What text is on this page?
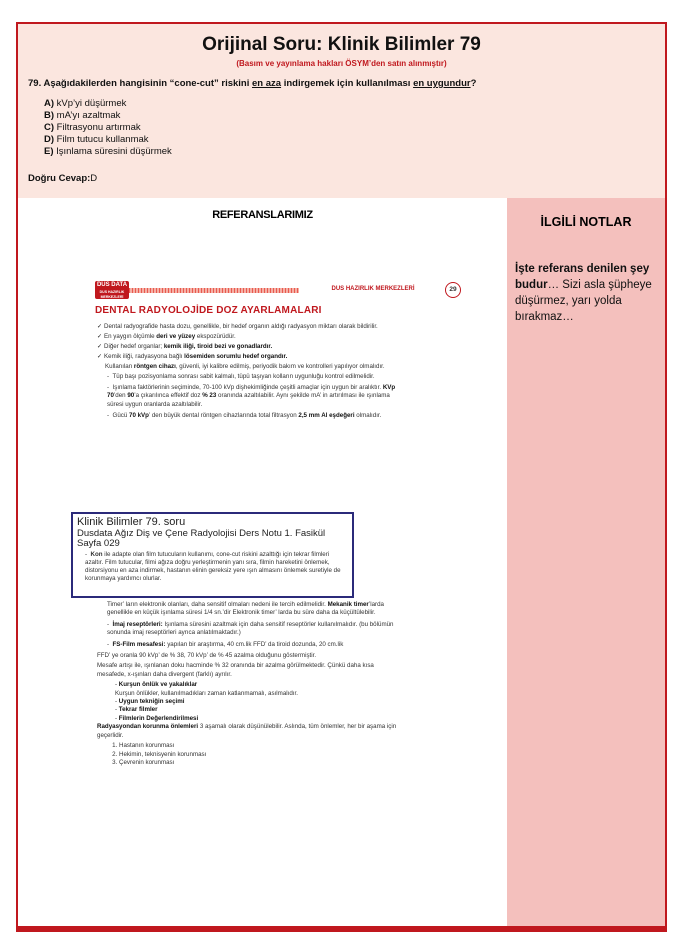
Orijinal Soru: Klinik Bilimler 79
(Basım ve yayınlama hakları ÖSYM’den satın alınmıştır)
79. Aşağıdakilerden hangisinin “cone-cut” riskini en aza indirgemek için kullanılması en uygundur?
A) kVp’yi düşürmek
B) mA’yı azaltmak
C) Filtrasyonu artırmak
D) Film tutucu kullanmak
E) Işınlama süresini düşürmek
Doğru Cevap:D
REFERANSLARIMIZ
DUS DATA
DUS HAZIRLIK MERKEZLERİ
DUS HAZIRLIK MERKEZLERİ	29
DENTAL RADYOLOJİDE DOZ AYARLAMALARI

✓ Dental radyografide hasta dozu, genellikle, bir hedef organın aldığı radyasyon miktarı olarak bildirilir.

✓ En yaygın ölçümle deri ve yüzey ekspozürüdür.

✓ Diğer hedef organlar; kemik iliği, tiroid bezi ve gonadlardır.

✓ Kemik iliği, radyasyona bağlı lösemiden sorumlu hedef organdır.

Kullanılan röntgen cihazı, güvenli, iyi kalibre edilmiş, periyodik bakım ve kontrolleri yapılıyor olmalıdır.

-  Tüp başı pozisyonlama sonrası sabit kalmalı, tüpü taşıyan kolların uygunluğu kontrol edilmelidir.

-  Işınlama faktörlerinin seçiminde, 70-100 kVp dişhekimliğinde çeşitli amaçlar için uygun bir aralıktır. KVp 70’den 90’a çıkarılınca effektif doz % 23 oranında azaltılabilir. Aynı şekilde mA’ in artırılması ile ışınlama süresi uygun oranlarda azaltılabilir.

-  Gücü 70 kVp’ den büyük dental röntgen cihazlarında total filtrasyon 2,5 mm Al eşdeğeri olmalıdır.

Klinik Bilimler 79. soru
Dusdata Ağız Diş ve Çene Radyolojisi Ders Notu 1. Fasikül Sayfa 029
-  Kon ile adapte olan film tutucuların kullanımı, cone-cut riskini azalttığı için tekrar filmleri azaltır. Film tutucular, filmi ağıza doğru yerleştirmenin yanı sıra, filmin hareketini önlemek, distorsiyonu en aza indirmek, hastanın elinin gereksiz yere ışın almasını önlemek suretiyle de korunmaya yardımcı olurlar.

Timer’ ların elektronik olanları, daha sensitif olmaları nedeni ile tercih edilmelidir. Mekanik timer’larda genellikle en küçük işınlama süresi 1/4 sn.’dir Elektronik timer’ larda bu süre daha da küçültülebilir.

-  İmaj reseptörleri: Işınlama süresini azaltmak için daha sensitif reseptörler kullanılmalıdır. (bu bölümün sonunda imaj reseptörleri ayrıca anlatılmaktadır.)

-  FS-Film mesafesi: yapılan bir araştırma, 40 cm.lik FFD’ da tiroid dozunda, 20 cm.lik

FFD’ ye oranla 90 kVp’ de % 38, 70 kVp’ de % 45 azalma olduğunu göstermiştir.

Mesafe artışı ile, ışınlanan doku hacminde % 32 oranında bir azalma görülmektedir. Çünkü daha kısa mesafede, x-ışınları daha divergent (farklı) ayrılır.

- Kurşun önlük ve yakalıklar
Kurşun önlükler, kullanılmadıkları zaman katlanmamalı, asılmalıdır.
- Uygun tekniğin seçimi
- Tekrar filmler
- Filmlerin Değerlendirilmesi

Radyasyondan korunma önlemleri 3 aşamalı olarak düşünülebilir. Aslında, tüm önlemler, her bir aşama için geçerlidir.

1. Hastanın korunması
2. Hekimin, teknisyenin korunması
3. Çevrenin korunması
İLGİLİ NOTLAR
İşte referans denilen şey budur… Sizi asla şüpheye düşürmez, yarı yolda bırakmaz…
